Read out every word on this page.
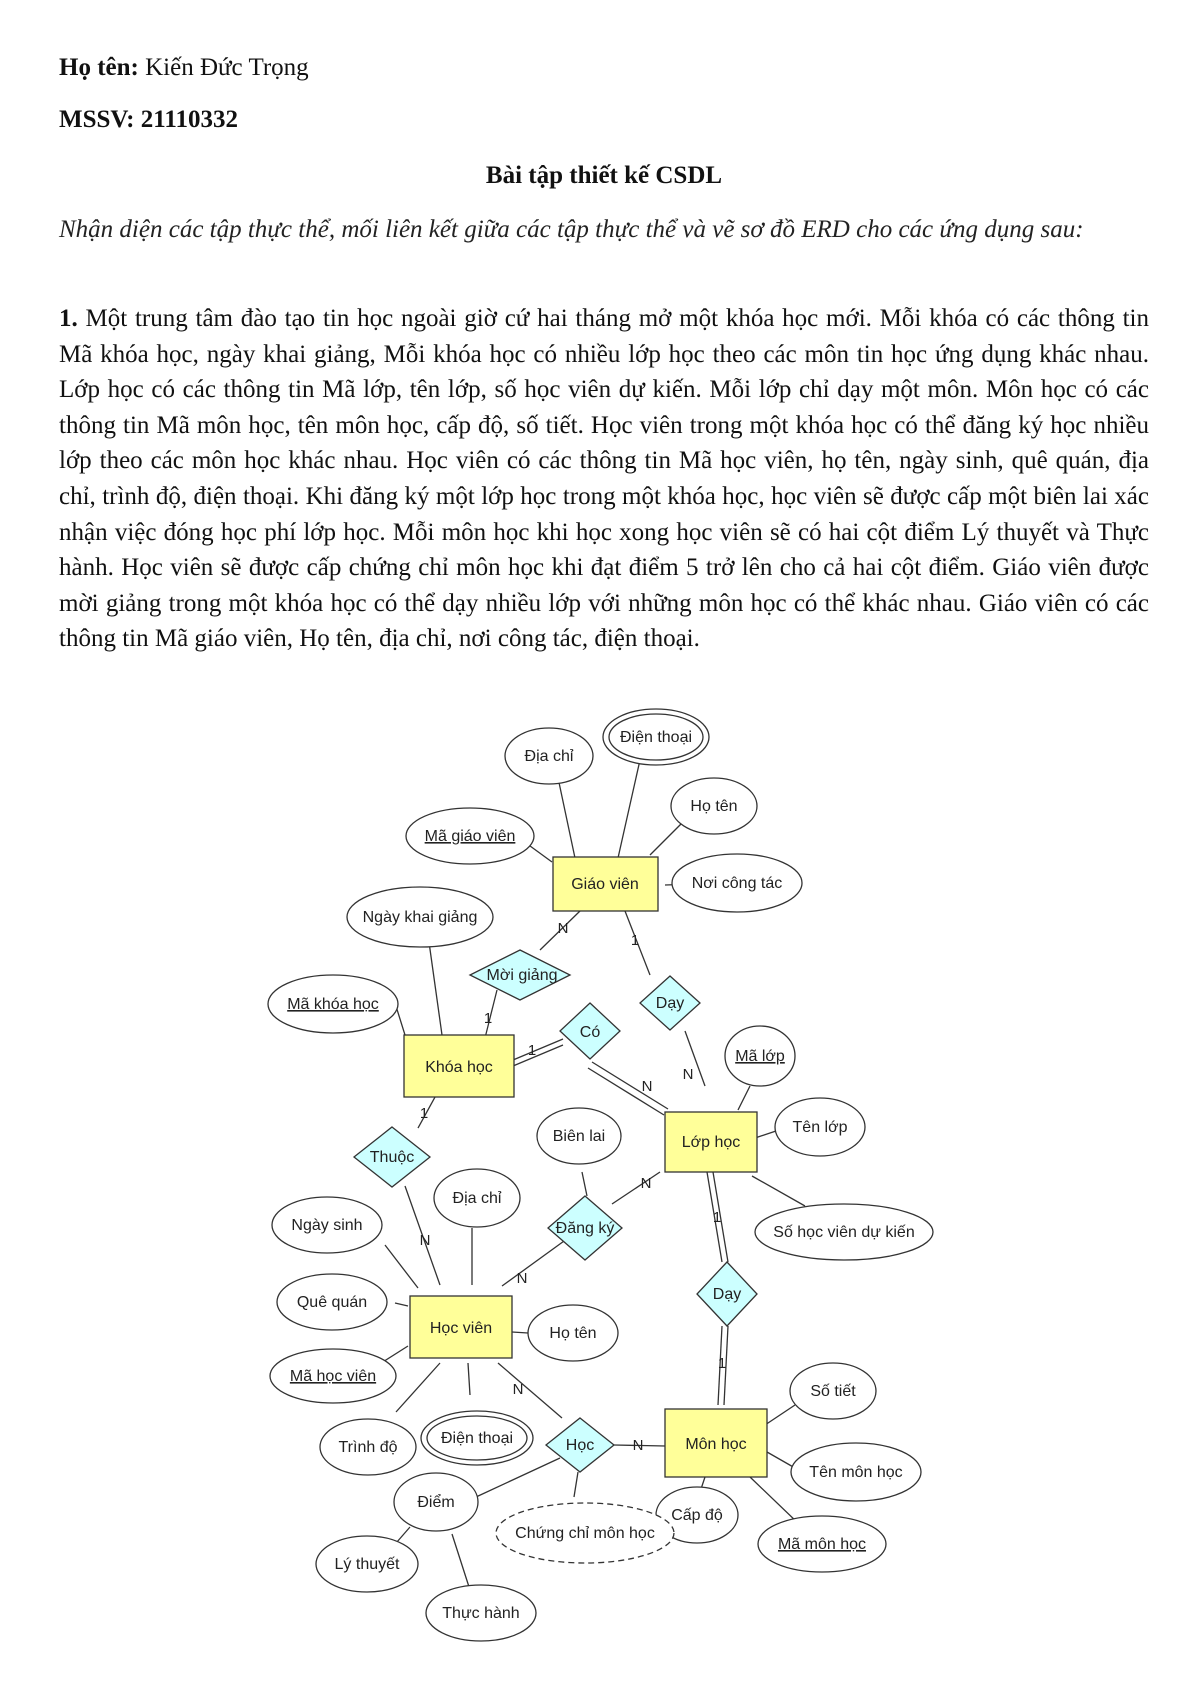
Họ tên: Kiến Đức Trọng

MSSV: 21110332

Bài tập thiết kế CSDL
Nhận diện các tập thực thể, mối liên kết giữa các tập thực thể và vẽ sơ đồ ERD cho các ứng dụng sau:
1. Một trung tâm đào tạo tin học ngoài giờ cứ hai tháng mở một khóa học mới. Mỗi khóa có các thông tin Mã khóa học, ngày khai giảng, Mỗi khóa học có nhiều lớp học theo các môn tin học ứng dụng khác nhau. Lớp học có các thông tin Mã lớp, tên lớp, số học viên dự kiến. Mỗi lớp chỉ dạy một môn. Môn học có các thông tin Mã môn học, tên môn học, cấp độ, số tiết. Học viên trong một khóa học có thể đăng ký học nhiều lớp theo các môn học khác nhau. Học viên có các thông tin Mã học viên, họ tên, ngày sinh, quê quán, địa chỉ, trình độ, điện thoại. Khi đăng ký một lớp học trong một khóa học, học viên sẽ được cấp một biên lai xác nhận việc đóng học phí lớp học. Mỗi môn học khi học xong học viên sẽ có hai cột điểm Lý thuyết và Thực hành. Học viên sẽ được cấp chứng chỉ môn học khi đạt điểm 5 trở lên cho cả hai cột điểm. Giáo viên được mời giảng trong một khóa học có thể dạy nhiều lớp với những môn học có thể khác nhau. Giáo viên có các thông tin Mã giáo viên, Họ tên, địa chỉ, nơi công tác, điện thoại.
Giáo viên
Khóa học
Lớp học
Học viên
Môn học
Mời giảng
Dạy
Có
Thuộc
Đăng ký
Dạy
Học
Địa chỉ
Điện thoại
Họ tên
Mã giáo viên
Nơi công tác
Ngày khai giảng
Mã khóa học
Mã lớp
Tên lớp
Số học viên dự kiến
Biên lai
Địa chỉ
Ngày sinh
Quê quán
Họ tên
Mã học viên
Trình độ
Điện thoại
Số tiết
Tên môn học
Cấp độ
Mã môn học
Điểm
Chứng chỉ môn học
Lý thuyết
Thực hành
N
1
1
N
1
N
1
N
N
N
1
1
N
N
